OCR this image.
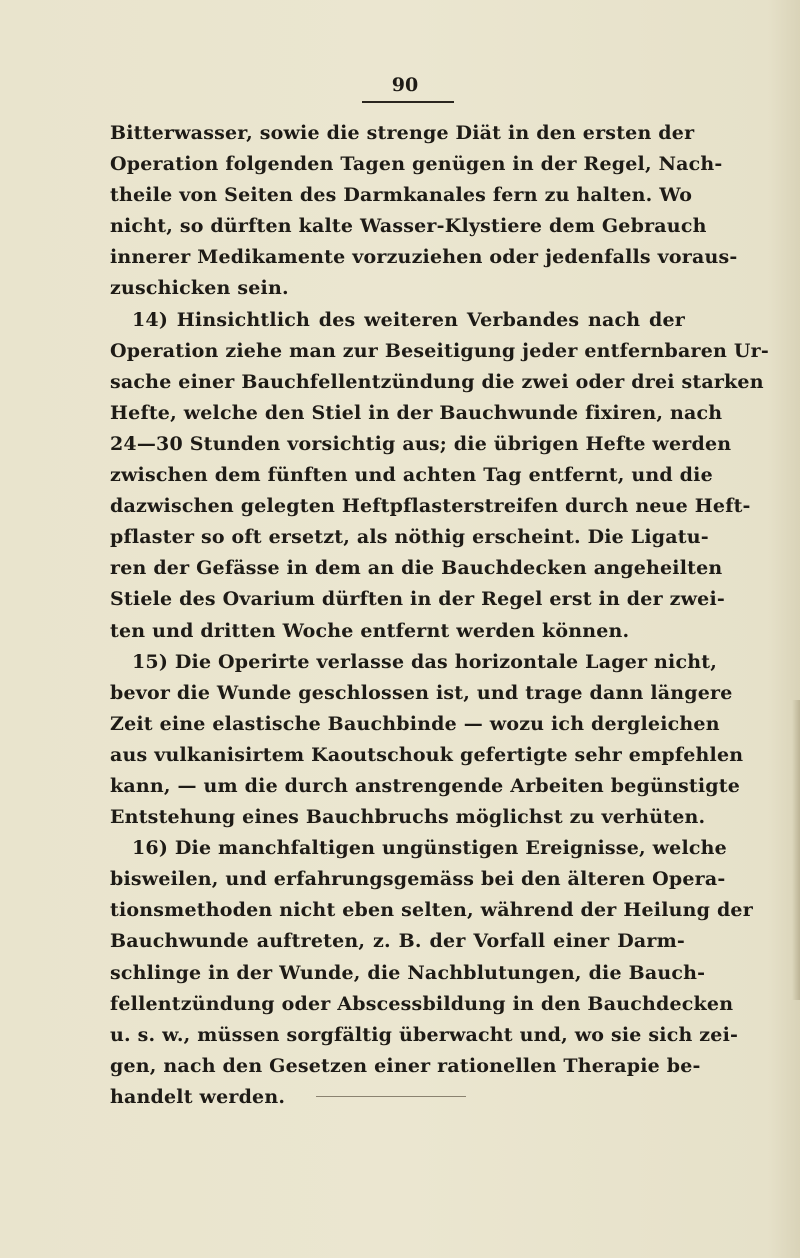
90
Bitterwasser, sowie die strenge Diät in den ersten der
Operation folgenden Tagen genügen in der Regel, Nach-
theile von Seiten des Darmkanales fern zu halten. Wo
nicht, so dürften kalte Wasser-Klystiere dem Gebrauch
innerer Medikamente vorzuziehen oder jedenfalls voraus-
zuschicken sein.
14) Hinsichtlich des weiteren Verbandes nach der
Operation ziehe man zur Beseitigung jeder entfernbaren Ur-
sache einer Bauchfellentzündung die zwei oder drei starken
Hefte, welche den Stiel in der Bauchwunde fixiren, nach
24—30 Stunden vorsichtig aus; die übrigen Hefte werden
zwischen dem fünften und achten Tag entfernt, und die
dazwischen gelegten Heftpflasterstreifen durch neue Heft-
pflaster so oft ersetzt, als nöthig erscheint. Die Ligatu-
ren der Gefässe in dem an die Bauchdecken angeheilten
Stiele des Ovarium dürften in der Regel erst in der zwei-
ten und dritten Woche entfernt werden können.
15) Die Operirte verlasse das horizontale Lager nicht,
bevor die Wunde geschlossen ist, und trage dann längere
Zeit eine elastische Bauchbinde — wozu ich dergleichen
aus vulkanisirtem Kaoutschouk gefertigte sehr empfehlen
kann, — um die durch anstrengende Arbeiten begünstigte
Entstehung eines Bauchbruchs möglichst zu verhüten.
16) Die manchfaltigen ungünstigen Ereignisse, welche
bisweilen, und erfahrungsgemäss bei den älteren Opera-
tionsmethoden nicht eben selten, während der Heilung der
Bauchwunde auftreten, z. B. der Vorfall einer Darm-
schlinge in der Wunde, die Nachblutungen, die Bauch-
fellentzündung oder Abscessbildung in den Bauchdecken
u. s. w., müssen sorgfältig überwacht und, wo sie sich zei-
gen, nach den Gesetzen einer rationellen Therapie be-
handelt werden.
